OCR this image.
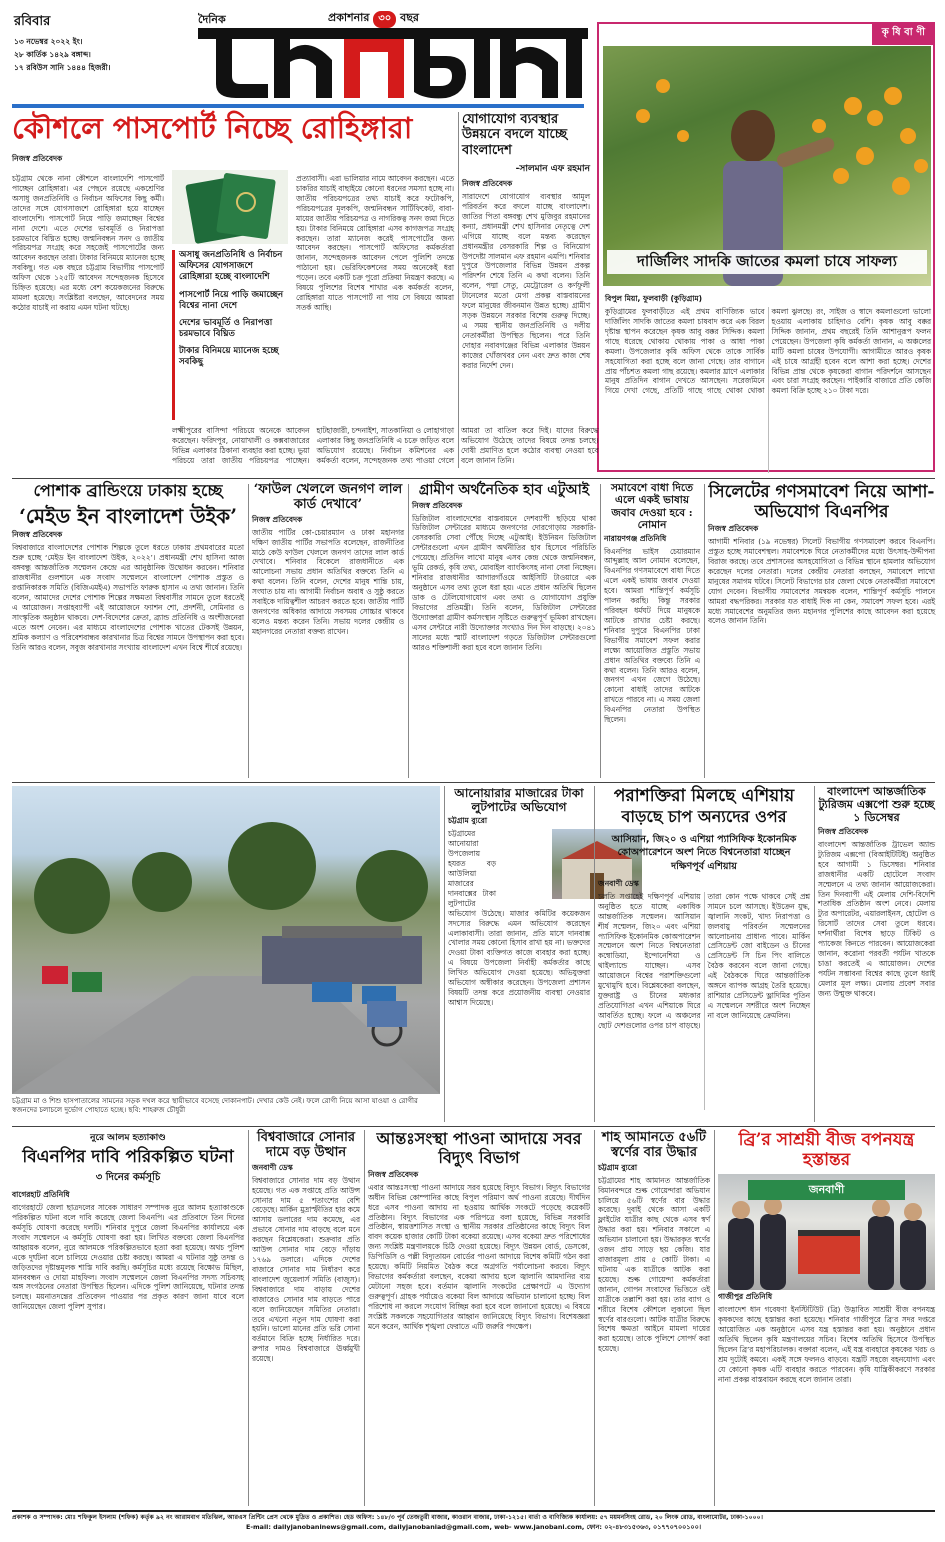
রবিবার
১৩ নভেম্বর ২০২২ ইং।
২৮ কার্তিক ১৪২৯ বঙ্গাব্দ।
১৭ রবিউস সানি ১৪৪৪ হিজরী।
দৈনিক	প্রকাশনার ৩০ বছর
কৃ ষি বা ণী
দার্জিলিং সাদকি জাতের কমলা চাষে সাফল্য
বিপুল মিয়া, ফুলবাড়ী (কুড়িগ্রাম)
কুড়িগ্রামের ফুলবাড়ীতে এই প্রথম বাণিজ্যিক ভাবে দার্জিলিং সাদকি জাতের কমলা চাষবাদ করে এক বিরল দৃষ্টান্ত স্থাপন করেছেন কৃষক আবু বক্কর সিদ্দিক। কমলা গাছে ধরেছে থোকায় থোকায় পাকা ও আধা পাকা কমলা। উপজেলার কৃষি অফিস থেকে তাকে সার্বিক সহযোগিতা করা হচ্ছে বলে জানা গেছে। তার বাগানে প্রায় পাঁচশত কমলা গাছ রয়েছে। কমলার ঘ্রাণে এলাকার মানুষ প্রতিদিন বাগান দেখতে আসছেন। সরেজমিনে গিয়ে দেখা গেছে, প্রতিটি গাছে গাছে থোকা থোকা কমলা ঝুলছে। রং, সাইজ ও স্বাদে কমলাগুলো ভালো হওয়ায় এলাকায় চাহিদাও বেশি। কৃষক আবু বক্কর সিদ্দিক জানান, প্রথম বছরেই তিনি আশানুরূপ ফলন পেয়েছেন। উপজেলা কৃষি কর্মকর্তা জানান, এ অঞ্চলের মাটি কমলা চাষের উপযোগী। আগামীতে আরও কৃষক এই চাষে আগ্রহী হবেন বলে আশা করা হচ্ছে। দেশের বিভিন্ন প্রান্ত থেকে কৃষকেরা বাগান পরিদর্শনে আসছেন এবং চারা সংগ্রহ করছেন। পাইকারি বাজারে প্রতি কেজি কমলা বিক্রি হচ্ছে ২১০ টাকা দরে।
কৌশলে পাসপোর্ট নিচ্ছে রোহিঙ্গারা
নিজস্ব প্রতিবেদক
চট্টগ্রাম থেকে নানা কৌশলে বাংলাদেশি পাসপোর্ট পাচ্ছেন রোহিঙ্গারা। এর পেছনে রয়েছে একশ্রেণির অসাধু জনপ্রতিনিধি ও নির্বাচন অফিসের কিছু কর্মী। তাদের সঙ্গে যোগসাজশে রোহিঙ্গারা হয়ে যাচ্ছেন বাংলাদেশি। পাসপোর্ট নিয়ে পাড়ি জমাচ্ছেন বিশ্বের নানা দেশে। এতে দেশের ভাবমূর্তি ও নিরাপত্তা চরমভাবে বিঘ্নিত হচ্ছে। জন্মনিবন্ধন সনদ ও জাতীয় পরিচয়পত্র সংগ্রহ করে সহজেই পাসপোর্টের জন্য আবেদন করছেন তারা। টাকার বিনিময়ে ম্যানেজ হচ্ছে সবকিছু। গত এক বছরে চট্টগ্রাম বিভাগীয় পাসপোর্ট অফিস থেকে ১২৫টি আবেদন সন্দেহজনক হিসেবে চিহ্নিত হয়েছে। এর মধ্যে বেশ কয়েকজনের বিরুদ্ধে মামলা হয়েছে। সংশ্লিষ্টরা বলছেন, আবেদনের সময় কঠোর যাচাই না করায় এমন ঘটনা ঘটছে।
অসাধু জনপ্রতিনিধি ও নির্বাচন অফিসের যোগসাজশে রোহিঙ্গারা হচ্ছে বাংলাদেশি
পাসপোর্ট নিয়ে পাড়ি জমাচ্ছেন বিশ্বের নানা দেশে
দেশের ভাবমূর্তি ও নিরাপত্তা চরমভাবে বিঘ্নিত
টাকার বিনিময়ে ম্যানেজ হচ্ছে সবকিছু
প্রত্যাবাসী। এরা ভালিয়ার নামে আবেদন করছেন। এতে চাকরির যাচাই বাছাইয়ে কোনো ধরনের সমস্যা হচ্ছে না। জাতীয় পরিচয়পত্রের তথ্য যাচাই করে ফটোকপি, পরিচয়পত্রের মূলকপি, জন্মনিবন্ধন সার্টিফিকেট, বাবা-মায়ের জাতীয় পরিচয়পত্র ও নাগরিকত্ব সনদ জমা দিতে হয়। টাকার বিনিময়ে রোহিঙ্গারা এসব কাগজপত্র সংগ্রহ করছেন। তারা ম্যানেজ করেই পাসপোর্টের জন্য আবেদন করছেন। পাসপোর্ট অফিসের কর্মকর্তারা জানান, সন্দেহজনক আবেদন পেলে পুলিশি তদন্তে পাঠানো হয়। ভেরিফিকেশনের সময় অনেকেই ধরা পড়েন। তবে একটি চক্র পুরো প্রক্রিয়া নিয়ন্ত্রণ করছে। এ বিষয়ে পুলিশের বিশেষ শাখার এক কর্মকর্তা বলেন, রোহিঙ্গারা যাতে পাসপোর্ট না পায় সে বিষয়ে আমরা সতর্ক আছি।
লক্ষ্মীপুরের বাসিন্দা পরিচয়ে অনেকে আবেদন করেছেন। ফরিদপুর, নোয়াখালী ও কক্সবাজারের বিভিন্ন এলাকার ঠিকানা ব্যবহার করা হচ্ছে। ভুয়া পরিচয়ে তারা জাতীয় পরিচয়পত্র পাচ্ছেন। হাটহাজারী, চন্দনাইশ, সাতকানিয়া ও লোহাগাড়া এলাকার কিছু জনপ্রতিনিধি এ চক্রে জড়িত বলে অভিযোগ রয়েছে। নির্বাচন কমিশনের এক কর্মকর্তা বলেন, সন্দেহজনক তথ্য পাওয়া গেলে আমরা তা বাতিল করে দিই। যাদের বিরুদ্ধে অভিযোগ উঠেছে তাদের বিষয়ে তদন্ত চলছে। দোষী প্রমাণিত হলে কঠোর ব্যবস্থা নেওয়া হবে বলে জানান তিনি।
যোগাযোগ ব্যবস্থার উন্নয়নে বদলে যাচ্ছে বাংলাদেশ
-সালমান এফ রহমান
নিজস্ব প্রতিবেদক
সারাদেশে যোগাযোগ ব্যবস্থার আমূল পরিবর্তন করে বদলে যাচ্ছে বাংলাদেশ। জাতির পিতা বঙ্গবন্ধু শেখ মুজিবুর রহমানের কন্যা, প্রধানমন্ত্রী শেখ হাসিনার নেতৃত্বে দেশ এগিয়ে যাচ্ছে বলে মন্তব্য করেছেন প্রধানমন্ত্রীর বেসরকারি শিল্প ও বিনিয়োগ উপদেষ্টা সালমান এফ রহমান এমপি। শনিবার দুপুরে উপজেলার বিভিন্ন উন্নয়ন প্রকল্প পরিদর্শন শেষে তিনি এ কথা বলেন। তিনি বলেন, পদ্মা সেতু, মেট্রোরেল ও কর্ণফুলী টানেলের মতো মেগা প্রকল্প বাস্তবায়নের ফলে মানুষের জীবনমান উন্নত হচ্ছে। গ্রামীণ সড়ক উন্নয়নে সরকার বিশেষ গুরুত্ব দিচ্ছে। এ সময় স্থানীয় জনপ্রতিনিধি ও দলীয় নেতাকর্মীরা উপস্থিত ছিলেন। পরে তিনি দোহার নবাবগঞ্জের বিভিন্ন এলাকার উন্নয়ন কাজের খোঁজখবর নেন এবং দ্রুত কাজ শেষ করার নির্দেশ দেন।
পোশাক ব্রান্ডিংয়ে ঢাকায় হচ্ছে
‘মেইড ইন বাংলাদেশ উইক’
নিজস্ব প্রতিবেদক
বিশ্ববাজারে বাংলাদেশের পোশাক শিল্পকে তুলে ধরতে ঢাকায় প্রথমবারের মতো শুরু হচ্ছে ‘মেইড ইন বাংলাদেশ উইক, ২০২২’। প্রধানমন্ত্রী শেখ হাসিনা আজ বঙ্গবন্ধু আন্তর্জাতিক সম্মেলন কেন্দ্রে এর আনুষ্ঠানিক উদ্বোধন করবেন। শনিবার রাজধানীর গুলশানে এক সংবাদ সম্মেলনে বাংলাদেশ পোশাক প্রস্তুত ও রপ্তানিকারক সমিতি (বিজিএমইএ) সভাপতি ফারুক হাসান এ তথ্য জানান। তিনি বলেন, আমাদের দেশের পোশাক শিল্পের সক্ষমতা বিশ্ববাসীর সামনে তুলে ধরতেই এ আয়োজন। সপ্তাহব্যাপী এই আয়োজনে ফ্যাশন শো, প্রদর্শনী, সেমিনার ও সাংস্কৃতিক অনুষ্ঠান থাকবে। দেশ-বিদেশের ক্রেতা, ব্র্যান্ড প্রতিনিধি ও অংশীজনেরা এতে অংশ নেবেন। এর মাধ্যমে বাংলাদেশের পোশাক খাতের টেকসই উন্নয়ন, শ্রমিক কল্যাণ ও পরিবেশবান্ধব কারখানার চিত্র বিশ্বের সামনে উপস্থাপন করা হবে। তিনি আরও বলেন, সবুজ কারখানার সংখ্যায় বাংলাদেশ এখন বিশ্বে শীর্ষে রয়েছে।
‘ফাউল খেললে জনগণ লাল কার্ড দেখাবে’
নিজস্ব প্রতিবেদক
জাতীয় পার্টির কো-চেয়ারম্যান ও ঢাকা মহানগর দক্ষিণ জাতীয় পার্টির সভাপতি বলেছেন, রাজনীতির মাঠে কেউ ফাউল খেললে জনগণ তাদের লাল কার্ড দেখাবে। শনিবার বিকেলে রাজধানীতে এক আলোচনা সভায় প্রধান অতিথির বক্তব্যে তিনি এ কথা বলেন। তিনি বলেন, দেশের মানুষ শান্তি চায়, সংঘাত চায় না। আগামী নির্বাচন অবাধ ও সুষ্ঠু করতে সবাইকে দায়িত্বশীল আচরণ করতে হবে। জাতীয় পার্টি জনগণের অধিকার আদায়ে সবসময় সোচ্চার থাকবে বলেও মন্তব্য করেন তিনি। সভায় দলের কেন্দ্রীয় ও মহানগরের নেতারা বক্তব্য রাখেন।
গ্রামীণ অর্থনৈতিক হাব এটুআই
নিজস্ব প্রতিবেদক
ডিজিটাল বাংলাদেশের বাস্তবায়নে দেশব্যাপী ছড়িয়ে থাকা ডিজিটাল সেন্টারের মাধ্যমে জনগণের দোরগোড়ায় সরকারি-বেসরকারি সেবা পৌঁছে দিচ্ছে এটুআই। ইউনিয়ন ডিজিটাল সেন্টারগুলো এখন গ্রামীণ অর্থনীতির হাব হিসেবে পরিচিতি পেয়েছে। প্রতিদিন লাখো মানুষ এসব কেন্দ্র থেকে জন্মনিবন্ধন, ভূমি রেকর্ড, কৃষি তথ্য, মোবাইল ব্যাংকিংসহ নানা সেবা নিচ্ছেন। শনিবার রাজধানীর আগারগাঁওয়ে আইসিটি টাওয়ারে এক অনুষ্ঠানে এসব তথ্য তুলে ধরা হয়। এতে প্রধান অতিথি ছিলেন ডাক ও টেলিযোগাযোগ এবং তথ্য ও যোগাযোগ প্রযুক্তি বিভাগের প্রতিমন্ত্রী। তিনি বলেন, ডিজিটাল সেন্টারের উদ্যোক্তারা গ্রামীণ কর্মসংস্থান সৃষ্টিতে গুরুত্বপূর্ণ ভূমিকা রাখছেন। এসব সেন্টারে নারী উদ্যোক্তার সংখ্যাও দিন দিন বাড়ছে। ২০৪১ সালের মধ্যে স্মার্ট বাংলাদেশ গড়তে ডিজিটাল সেন্টারগুলো আরও শক্তিশালী করা হবে বলে জানান তিনি।
সমাবেশে বাধা দিতে এলে একই ভাষায় জবাব দেওয়া হবে : নোমান
নারায়ণগঞ্জ প্রতিনিধি
বিএনপির ভাইস চেয়ারম্যান আব্দুল্লাহ আল নোমান বলেছেন, বিএনপির গণসমাবেশে বাধা দিতে এলে একই ভাষায় জবাব দেওয়া হবে। আমরা শান্তিপূর্ণ কর্মসূচি পালন করছি। কিন্তু সরকার পরিবহন ধর্মঘট দিয়ে মানুষকে আটকে রাখার চেষ্টা করছে। শনিবার দুপুরে বিএনপির ঢাকা বিভাগীয় সমাবেশ সফল করার লক্ষ্যে আয়োজিত প্রস্তুতি সভায় প্রধান অতিথির বক্তব্যে তিনি এ কথা বলেন। তিনি আরও বলেন, জনগণ এখন জেগে উঠেছে। কোনো বাধাই তাদের আটকে রাখতে পারবে না। এ সময় জেলা বিএনপির নেতারা উপস্থিত ছিলেন।
সিলেটের গণসমাবেশ নিয়ে আশা-অভিযোগ বিএনপির
নিজস্ব প্রতিবেদক
আগামী শনিবার (১৯ নভেম্বর) সিলেট বিভাগীয় গণসমাবেশ করবে বিএনপি। প্রস্তুত হচ্ছে সমাবেশস্থল। সমাবেশকে ঘিরে নেতাকর্মীদের মধ্যে উৎসাহ-উদ্দীপনা বিরাজ করছে। তবে প্রশাসনের অসহযোগিতা ও বিভিন্ন স্থানে হামলার অভিযোগ করেছেন দলের নেতারা। দলের কেন্দ্রীয় নেতারা বলছেন, সমাবেশে লাখো মানুষের সমাগম ঘটবে। সিলেট বিভাগের চার জেলা থেকে নেতাকর্মীরা সমাবেশে যোগ দেবেন। বিভাগীয় সমাবেশের সমন্বয়ক বলেন, শান্তিপূর্ণ কর্মসূচি পালনে আমরা বদ্ধপরিকর। সরকার যত বাধাই দিক না কেন, সমাবেশ সফল হবে। এরই মধ্যে সমাবেশের অনুমতির জন্য মহানগর পুলিশের কাছে আবেদন করা হয়েছে বলেও জানান তিনি।
চট্টগ্রাম মা ও শিশু হাসপাতালের সামনের সড়ক দখল করে স্থায়ীভাবে বসেছে দোকানপাট। দেখার কেউ নেই। ফলে রোগী নিয়ে আসা যাওয়া ও রোগীর স্বজনদের চলাচলে দুর্ভোগ পোহাতে হচ্ছে। ছবি: শাহরুজ চৌধুরী
আনোয়ারার মাজারের টাকা লুটপাটের অভিযোগ
চট্টগ্রাম ব্যুরো
চট্টগ্রামের আনোয়ারা উপজেলায় হযরত বড় আউলিয়া মাজারের দানবাক্সের টাকা লুটপাটের অভিযোগ উঠেছে। মাজার কমিটির কয়েকজন সদস্যের বিরুদ্ধে এমন অভিযোগ করেছেন এলাকাবাসী। তারা জানান, প্রতি মাসে দানবাক্স খোলার সময় কোনো হিসাব রাখা হয় না। ভক্তদের দেওয়া টাকা ব্যক্তিগত কাজে ব্যবহার করা হচ্ছে। এ বিষয়ে উপজেলা নির্বাহী কর্মকর্তার কাছে লিখিত অভিযোগ দেওয়া হয়েছে। অভিযুক্তরা অভিযোগ অস্বীকার করেছেন। উপজেলা প্রশাসন বিষয়টি তদন্ত করে প্রয়োজনীয় ব্যবস্থা নেওয়ার আশ্বাস দিয়েছে।
পরাশক্তিরা মিলছে এশিয়ায়
বাড়ছে চাপ অন্যদের ওপর
আসিয়ান, জি২০ ও এশিয়া প্যাসিফিক ইকোনমিক কোঅপারেশনে অংশ নিতে বিশ্বনেতারা যাচ্ছেন দক্ষিণপূর্ব এশিয়ায়
জনবাণী ডেস্ক
চলতি সপ্তাহেই দক্ষিণপূর্ব এশিয়ায় অনুষ্ঠিত হতে যাচ্ছে একাধিক আন্তর্জাতিক সম্মেলন। আসিয়ান শীর্ষ সম্মেলন, জি২০ এবং এশিয়া প্যাসিফিক ইকোনমিক কোঅপারেশন সম্মেলনে অংশ নিতে বিশ্বনেতারা কম্বোডিয়া, ইন্দোনেশিয়া ও থাইল্যান্ডে যাচ্ছেন। এসব আয়োজনে বিশ্বের পরাশক্তিগুলো মুখোমুখি হবে। বিশ্লেষকেরা বলছেন, যুক্তরাষ্ট্র ও চীনের মধ্যকার প্রতিযোগিতা এখন এশিয়াকে ঘিরে আবর্তিত হচ্ছে। ফলে এ অঞ্চলের ছোট দেশগুলোর ওপর চাপ বাড়ছে। তারা কোন পক্ষে থাকবে সেই প্রশ্ন সামনে চলে আসছে। ইউক্রেন যুদ্ধ, জ্বালানি সংকট, খাদ্য নিরাপত্তা ও জলবায়ু পরিবর্তন সম্মেলনের আলোচনায় প্রাধান্য পাবে। মার্কিন প্রেসিডেন্ট জো বাইডেন ও চীনের প্রেসিডেন্ট সি চিন পিং বালিতে বৈঠক করবেন বলে জানা গেছে। এই বৈঠককে ঘিরে আন্তর্জাতিক অঙ্গনে ব্যাপক আগ্রহ তৈরি হয়েছে। রাশিয়ার প্রেসিডেন্ট ভ্লাদিমির পুতিন এ সম্মেলনে সশরীরে অংশ নিচ্ছেন না বলে জানিয়েছে ক্রেমলিন।
বাংলাদেশ আন্তর্জাতিক ট্যুরিজম এক্সপো শুরু হচ্ছে ১ ডিসেম্বর
নিজস্ব প্রতিবেদক
বাংলাদেশ আন্তর্জাতিক ট্রাভেল অ্যান্ড ট্যুরিজম এক্সপো (বিআইটিটিই) অনুষ্ঠিত হবে আগামী ১ ডিসেম্বর। শনিবার রাজধানীর একটি হোটেলে সংবাদ সম্মেলনে এ তথ্য জানান আয়োজকেরা। তিন দিনব্যাপী এই মেলায় দেশি-বিদেশি শতাধিক প্রতিষ্ঠান অংশ নেবে। মেলায় ট্যুর অপারেটর, এয়ারলাইনস, হোটেল ও রিসোর্ট তাদের সেবা তুলে ধরবে। দর্শনার্থীরা বিশেষ ছাড়ে টিকিট ও প্যাকেজ কিনতে পারবেন। আয়োজকেরা জানান, করোনা পরবর্তী পর্যটন খাতকে চাঙা করতেই এ আয়োজন। দেশের পর্যটন সম্ভাবনা বিশ্বের কাছে তুলে ধরাই মেলার মূল লক্ষ্য। মেলায় প্রবেশ সবার জন্য উন্মুক্ত থাকবে।
নুরে আলম হত্যাকাণ্ড
বিএনপির দাবি পরিকল্পিত ঘটনা
৩ দিনের কর্মসূচি
বাগেরহাট প্রতিনিধি
বাগেরহাটে জেলা ছাত্রদলের সাবেক সাধারণ সম্পাদক নুরে আলম হত্যাকাণ্ডকে পরিকল্পিত ঘটনা বলে দাবি করেছে জেলা বিএনপি। এর প্রতিবাদে তিন দিনের কর্মসূচি ঘোষণা করেছে দলটি। শনিবার দুপুরে জেলা বিএনপির কার্যালয়ে এক সংবাদ সম্মেলনে এ কর্মসূচি ঘোষণা করা হয়। লিখিত বক্তব্যে জেলা বিএনপির আহ্বায়ক বলেন, নুরে আলমকে পরিকল্পিতভাবে হত্যা করা হয়েছে। অথচ পুলিশ একে দুর্ঘটনা বলে চালিয়ে দেওয়ার চেষ্টা করছে। আমরা এ ঘটনার সুষ্ঠু তদন্ত ও জড়িতদের দৃষ্টান্তমূলক শাস্তি দাবি করছি। কর্মসূচির মধ্যে রয়েছে বিক্ষোভ মিছিল, মানববন্ধন ও দোয়া মাহফিল। সংবাদ সম্মেলনে জেলা বিএনপির সদস্য সচিবসহ অঙ্গ সংগঠনের নেতারা উপস্থিত ছিলেন। এদিকে পুলিশ জানিয়েছে, ঘটনার তদন্ত চলছে। ময়নাতদন্তের প্রতিবেদন পাওয়ার পর প্রকৃত কারণ জানা যাবে বলে জানিয়েছেন জেলা পুলিশ সুপার।
বিশ্ববাজারে সোনার দামে বড় উত্থান
জনবাণী ডেস্ক
বিশ্ববাজারে সোনার দাম বড় উত্থান হয়েছে। গত এক সপ্তাহে প্রতি আউন্স সোনার দাম ৫ শতাংশের বেশি বেড়েছে। মার্কিন মুদ্রাস্ফীতির হার কমে আসায় ডলারের দাম কমেছে, এর প্রভাবে সোনার দাম বাড়ছে বলে মনে করছেন বিশ্লেষকেরা। শুক্রবার প্রতি আউন্স সোনার দাম বেড়ে দাঁড়ায় ১৭৬৯ ডলারে। এদিকে দেশের বাজারে সোনার দাম নির্ধারণ করে বাংলাদেশ জুয়েলার্স সমিতি (বাজুস)। বিশ্ববাজারে দাম বাড়ায় দেশের বাজারেও সোনার দাম বাড়তে পারে বলে জানিয়েছেন সমিতির নেতারা। তবে এখনো নতুন দাম ঘোষণা করা হয়নি। ভালো মানের প্রতি ভরি সোনা বর্তমানে বিক্রি হচ্ছে নির্ধারিত দরে। রুপার দামও বিশ্ববাজারে ঊর্ধ্বমুখী রয়েছে।
আন্তঃসংস্থা পাওনা আদায়ে সবর বিদ্যুৎ বিভাগ
নিজস্ব প্রতিবেদক
এবার আন্তঃসংস্থা পাওনা আদায়ে সরব হয়েছে বিদ্যুৎ বিভাগ। বিদ্যুৎ বিভাগের অধীন বিভিন্ন কোম্পানির কাছে বিপুল পরিমাণ অর্থ পাওনা রয়েছে। দীর্ঘদিন ধরে এসব পাওনা আদায় না হওয়ায় আর্থিক সংকটে পড়েছে কয়েকটি প্রতিষ্ঠান। বিদ্যুৎ বিভাগের এক পরিপত্রে বলা হয়েছে, বিভিন্ন সরকারি প্রতিষ্ঠান, স্বায়ত্তশাসিত সংস্থা ও স্থানীয় সরকার প্রতিষ্ঠানের কাছে বিদ্যুৎ বিল বাবদ কয়েক হাজার কোটি টাকা বকেয়া রয়েছে। এসব বকেয়া দ্রুত পরিশোধের জন্য সংশ্লিষ্ট মন্ত্রণালয়কে চিঠি দেওয়া হয়েছে। বিদ্যুৎ উন্নয়ন বোর্ড, ডেসকো, ডিপিডিসি ও পল্লী বিদ্যুতায়ন বোর্ডের পাওনা আদায়ে বিশেষ কমিটি গঠন করা হয়েছে। কমিটি নিয়মিত বৈঠক করে অগ্রগতি পর্যালোচনা করবে। বিদ্যুৎ বিভাগের কর্মকর্তারা বলছেন, বকেয়া আদায় হলে জ্বালানি আমদানির ব্যয় মেটানো সহজ হবে। বর্তমান জ্বালানি সংকটের প্রেক্ষাপটে এ উদ্যোগ গুরুত্বপূর্ণ। গ্রাহক পর্যায়েও বকেয়া বিল আদায়ে অভিযান চালানো হচ্ছে। বিল পরিশোধ না করলে সংযোগ বিচ্ছিন্ন করা হবে বলে জানানো হয়েছে। এ বিষয়ে সংশ্লিষ্ট সকলকে সহযোগিতার আহ্বান জানিয়েছে বিদ্যুৎ বিভাগ। বিশেষজ্ঞরা মনে করেন, আর্থিক শৃঙ্খলা ফেরাতে এটি জরুরি পদক্ষেপ।
শাহ আমানতে ৫৬টি স্বর্ণের বার উদ্ধার
চট্টগ্রাম ব্যুরো
চট্টগ্রামের শাহ আমানত আন্তর্জাতিক বিমানবন্দরে শুল্ক গোয়েন্দারা অভিযান চালিয়ে ৫৬টি স্বর্ণের বার উদ্ধার করেছে। দুবাই থেকে আসা একটি ফ্লাইটের যাত্রীর কাছ থেকে এসব স্বর্ণ উদ্ধার করা হয়। শনিবার সকালে এ অভিযান চালানো হয়। উদ্ধারকৃত স্বর্ণের ওজন প্রায় সাড়ে ছয় কেজি। যার বাজারমূল্য প্রায় ৫ কোটি টাকা। এ ঘটনায় এক যাত্রীকে আটক করা হয়েছে। শুল্ক গোয়েন্দা কর্মকর্তারা জানান, গোপন সংবাদের ভিত্তিতে ওই যাত্রীকে তল্লাশি করা হয়। তার ব্যাগ ও শরীরে বিশেষ কৌশলে লুকানো ছিল স্বর্ণের বারগুলো। আটক যাত্রীর বিরুদ্ধে বিশেষ ক্ষমতা আইনে মামলা দায়ের করা হয়েছে। তাকে পুলিশে সোপর্দ করা হয়েছে।
ব্রি’র সাশ্রয়ী বীজ বপনযন্ত্র হস্তান্তর
জনবাণী
গাজীপুর প্রতিনিধি
বাংলাদেশ ধান গবেষণা ইনস্টিটিউট (ব্রি) উদ্ভাবিত সাশ্রয়ী বীজ বপনযন্ত্র কৃষকদের কাছে হস্তান্তর করা হয়েছে। শনিবার গাজীপুরে ব্রি’র সদর দপ্তরে আয়োজিত এক অনুষ্ঠানে এসব যন্ত্র হস্তান্তর করা হয়। অনুষ্ঠানে প্রধান অতিথি ছিলেন কৃষি মন্ত্রণালয়ের সচিব। বিশেষ অতিথি হিসেবে উপস্থিত ছিলেন ব্রি’র মহাপরিচালক। বক্তারা বলেন, এই যন্ত্র ব্যবহারে কৃষকের খরচ ও শ্রম দুটোই কমবে। একই সঙ্গে ফলনও বাড়বে। যন্ত্রটি সহজে বহনযোগ্য এবং যে কোনো কৃষক এটি ব্যবহার করতে পারবেন। কৃষি যান্ত্রিকীকরণে সরকার নানা প্রকল্প বাস্তবায়ন করছে বলে জানান তারা।
প্রকাশক ও সম্পাদক: মোঃ শফিকুল ইসলাম (শফিক) কর্তৃক ৯২ নং আরামবাগ মতিঝিল, আরএস প্রিন্টিং প্রেস থেকে মুদ্রিত ও প্রকাশিত। হেড অফিস: ১৪৮/৩ পূর্ব তেজতুরী বাজার, কাওরান বাজার, ঢাকা-১২১৫। বার্তা ও বাণিজ্যিক কার্যালয়: ৫৭ ময়মনসিংহ রোড, ২০ লিংক রোড, বাংলামোটর, ঢাকা-১০০০।
E-mail: dailyjanobaninews@gmail.com, dailyjanobaniad@gmail.com, web- www.janobani.com, ফোন: ০২-৪৮৩১৫৩৬৩, ০১৭৭০৭০০১০০।
